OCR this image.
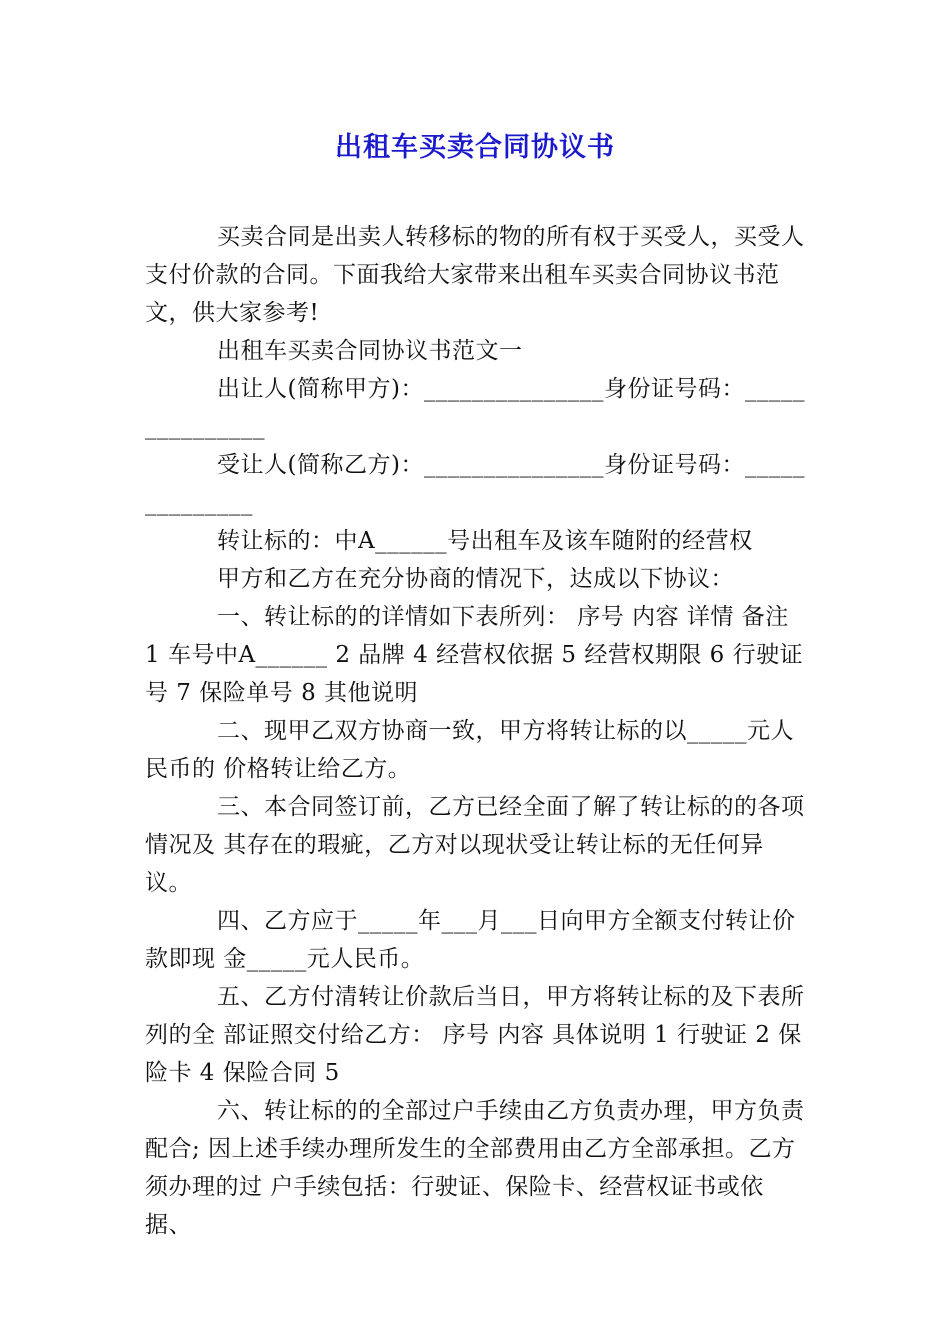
出租车买卖合同协议书

买卖合同是出卖人转移标的物的所有权于买受人，买受人支付价款的合同。下面我给大家带来出租车买卖合同协议书范文，供大家参考!

出租车买卖合同协议书范文一

出让人(简称甲方)：_______________身份证号码：_______________

受让人(简称乙方)：_______________身份证号码：______________

转让标的：中A______号出租车及该车随附的经营权

甲方和乙方在充分协商的情况下，达成以下协议：

一、转让标的的详情如下表所列： 序号 内容 详情 备注 1 车号中A______ 2 品牌 4 经营权依据 5 经营权期限 6 行驶证号 7 保险单号 8 其他说明

二、现甲乙双方协商一致，甲方将转让标的以_____元人民币的 价格转让给乙方。

三、本合同签订前，乙方已经全面了解了转让标的的各项情况及 其存在的瑕疵，乙方对以现状受让转让标的无任何异议。

四、乙方应于_____年___月___日向甲方全额支付转让价款即现 金_____元人民币。

五、乙方付清转让价款后当日，甲方将转让标的及下表所列的全 部证照交付给乙方： 序号 内容 具体说明 1 行驶证 2 保险卡 4 保险合同 5

六、转让标的的全部过户手续由乙方负责办理，甲方负责配合; 因上述手续办理所发生的全部费用由乙方全部承担。乙方须办理的过 户手续包括：行驶证、保险卡、经营权证书或依据、
